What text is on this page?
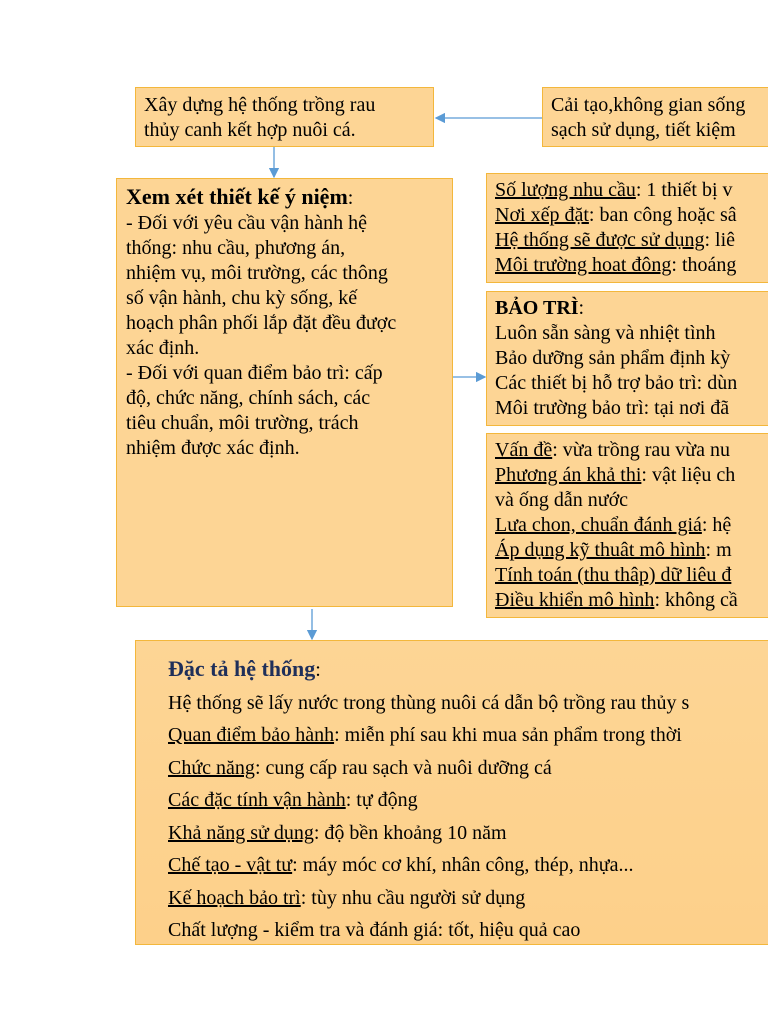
Xây dựng hệ thống trồng rau
thủy canh kết hợp nuôi cá.
Cải tạo,không gian sống
sạch sử dụng, tiết kiệm
Xem xét thiết kế ý niệm:
- Đối với yêu cầu vận hành hệ
thống: nhu cầu, phương án,
nhiệm vụ, môi trường, các thông
số vận hành, chu kỳ sống, kế
hoạch phân phối lắp đặt đều được
xác định.
- Đối với quan điểm bảo trì: cấp
độ, chức năng, chính sách, các
tiêu chuẩn, môi trường, trách
nhiệm được xác định.
Số lượng nhu cầu: 1 thiết bị v
Nơi xếp đặt: ban công hoặc sâ
Hệ thống sẽ được sử dụng: liê
Môi trường hoat đông: thoáng
BẢO TRÌ:
Luôn sẵn sàng và nhiệt tình
Bảo dưỡng sản phẩm định kỳ
Các thiết bị hỗ trợ bảo trì: dùn
Môi trường bảo trì: tại nơi đã
Vấn đề: vừa trồng rau vừa nu
Phương án khả thi: vật liệu ch
và ống dẫn nước
Lưa chon, chuẩn đánh giá: hệ
Áp dụng kỹ thuât mô hình: m
Tính toán (thu thâp) dữ liêu đ
Điều khiển mô hình: không cầ
Đặc tả hệ thống:
Hệ thống sẽ lấy nước trong thùng nuôi cá dẫn bộ trồng rau thủy s
Quan điểm bảo hành: miễn phí sau khi mua sản phẩm trong thời
Chức năng: cung cấp rau sạch và nuôi dưỡng cá
Các đặc tính vận hành: tự động
Khả năng sử dụng: độ bền khoảng 10 năm
Chế tạo - vật tư: máy móc cơ khí, nhân công, thép, nhựa...
Kế hoạch bảo trì: tùy nhu cầu người sử dụng
Chất lượng - kiểm tra và đánh giá: tốt, hiệu quả cao
